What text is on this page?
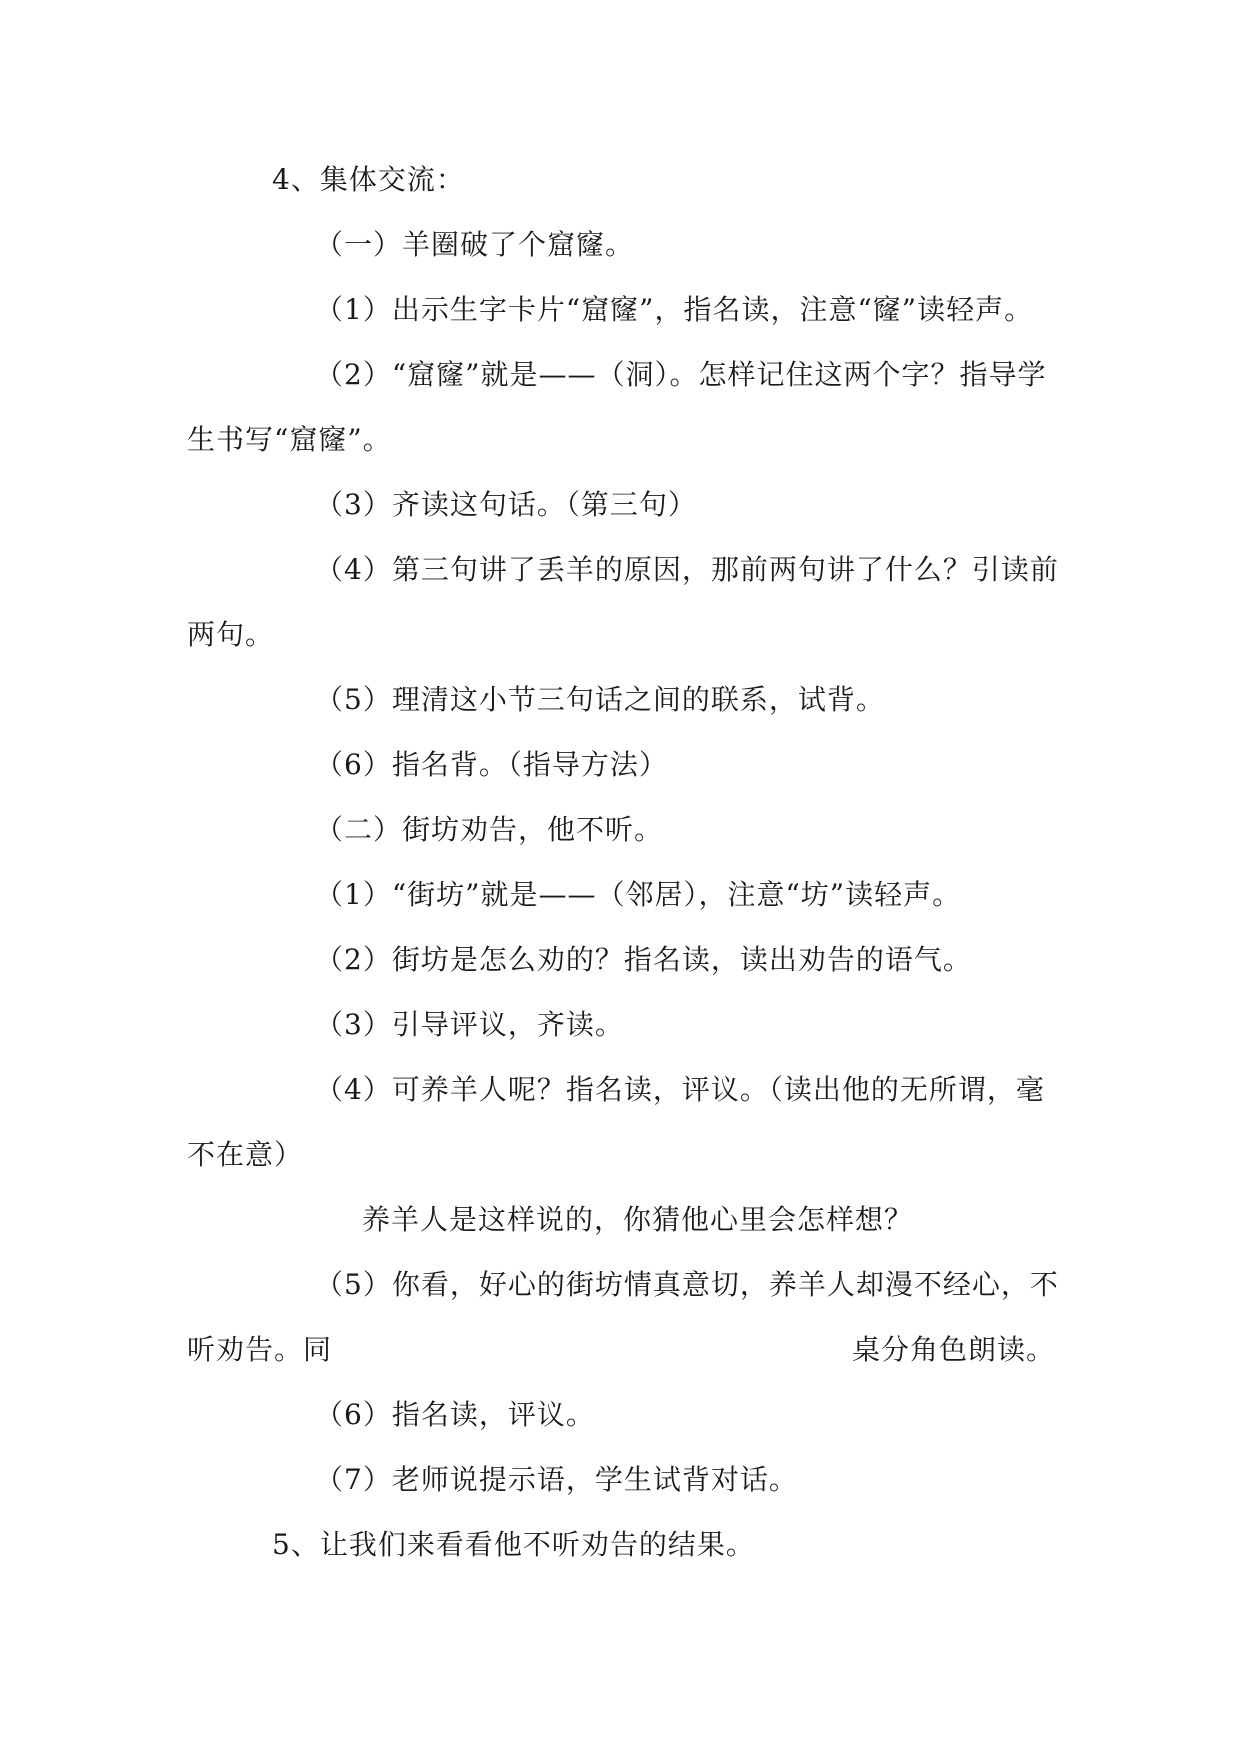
4、集体交流：
（一）羊圈破了个窟窿。
（1）出示生字卡片“窟窿”，指名读，注意“窿”读轻声。
（2）“窟窿”就是——（洞）。怎样记住这两个字？指导学
生书写“窟窿”。
（3）齐读这句话。（第三句）
（4）第三句讲了丢羊的原因，那前两句讲了什么？引读前
两句。
（5）理清这小节三句话之间的联系，试背。
（6）指名背。（指导方法）
（二）街坊劝告，他不听。
（1）“街坊”就是——（邻居），注意“坊”读轻声。
（2）街坊是怎么劝的？指名读，读出劝告的语气。
（3）引导评议，齐读。
（4）可养羊人呢？指名读，评议。（读出他的无所谓，毫
不在意）
养羊人是这样说的，你猜他心里会怎样想？
（5）你看，好心的街坊情真意切，养羊人却漫不经心，不
听劝告。同	桌分角色朗读。
（6）指名读，评议。
（7）老师说提示语，学生试背对话。
5、让我们来看看他不听劝告的结果。
